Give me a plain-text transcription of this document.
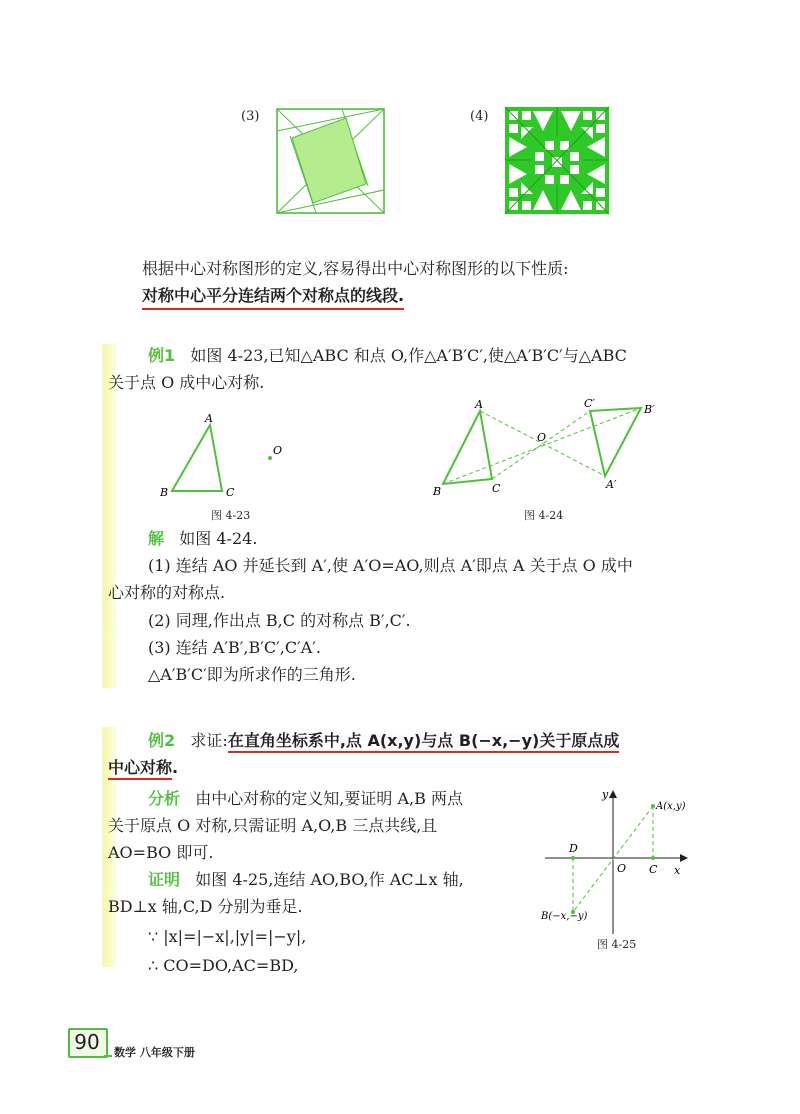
(3)	(4)
根据中心对称图形的定义,容易得出中心对称图形的以下性质:
对称中心平分连结两个对称点的线段.
例1 如图 4-23,已知△ABC 和点 O,作△A′B′C′,使△A′B′C′与△ABC
关于点 O 成中心对称.
A
B	C
O
图 4-23
A
B	C
O
C′	B′
A′
图 4-24
解 如图 4-24.
(1) 连结 AO 并延长到 A′,使 A′O=AO,则点 A′即点 A 关于点 O 成中
心对称的对称点.
(2) 同理,作出点 B,C 的对称点 B′,C′.
(3) 连结 A′B′,B′C′,C′A′.
△A′B′C′即为所求作的三角形.
例2 求证:在直角坐标系中,点 A(x,y)与点 B(−x,−y)关于原点成
中心对称.
分析 由中心对称的定义知,要证明 A,B 两点
关于原点 O 对称,只需证明 A,O,B 三点共线,且
AO=BO 即可.
证明 如图 4-25,连结 AO,BO,作 AC⊥x 轴,
BD⊥x 轴,C,D 分别为垂足.
∵ |x|=|−x|,|y|=|−y|,
∴ CO=DO,AC=BD,
y
x
A(x,y)
O C
D
B(−x,−y)
图 4-25
90	数学 八年级下册
